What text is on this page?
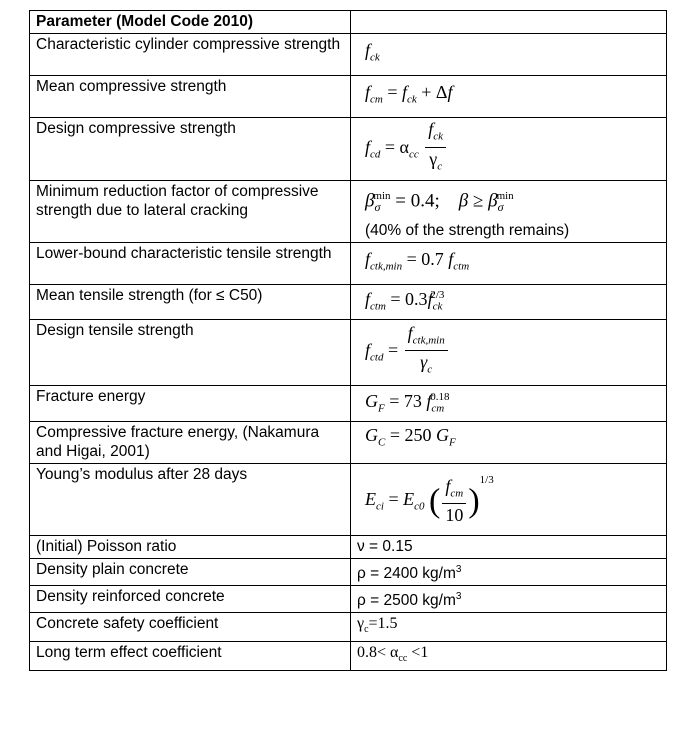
Parameter (Model Code 2010)	
Characteristic cylinder compressive strength	$f_{ck}$
Mean compressive strength	$f_{cm} = f_{ck} + \Delta f$
Design compressive strength	$f_{cd} = \alpha_{cc} \frac{f_{ck}}{\gamma_c}$

Minimum reduction factor of compressive strength due to lateral cracking	$\beta_\sigma^{min} = 0.4$;    $\beta \ge \beta_\sigma^{min}$
(40% of the strength remains)

Lower-bound characteristic tensile strength	$f_{ctk,min} = 0.7$ $f_{ctm}$
Mean tensile strength (for ≤ C50)	$f_{ctm} = 0.3f_{ck}^{2/3}$
Design tensile strength	$f_{ctd} = \frac{f_{ctk,min}}{\gamma_c}$

Fracture energy	$G_F = 73$ $f_{cm}^{0.18}$
Compressive fracture energy, (Nakamura and Higai, 2001)	$G_C = 250$ $G_F$
Young’s modulus after 28 days	$E_{ci} = E_{c0}$ ( $\frac{f_{cm}}{10} )^{1/3}$
(Initial) Poisson ratio	ν = 0.15
Density plain concrete	ρ = 2400 $kg/m^3$
Density reinforced concrete	ρ = 2500 $kg/m^3$
Concrete safety coefficient	$\gamma_c=1.5$
Long term effect coefficient	$0.8< \alpha_{cc} <1$
